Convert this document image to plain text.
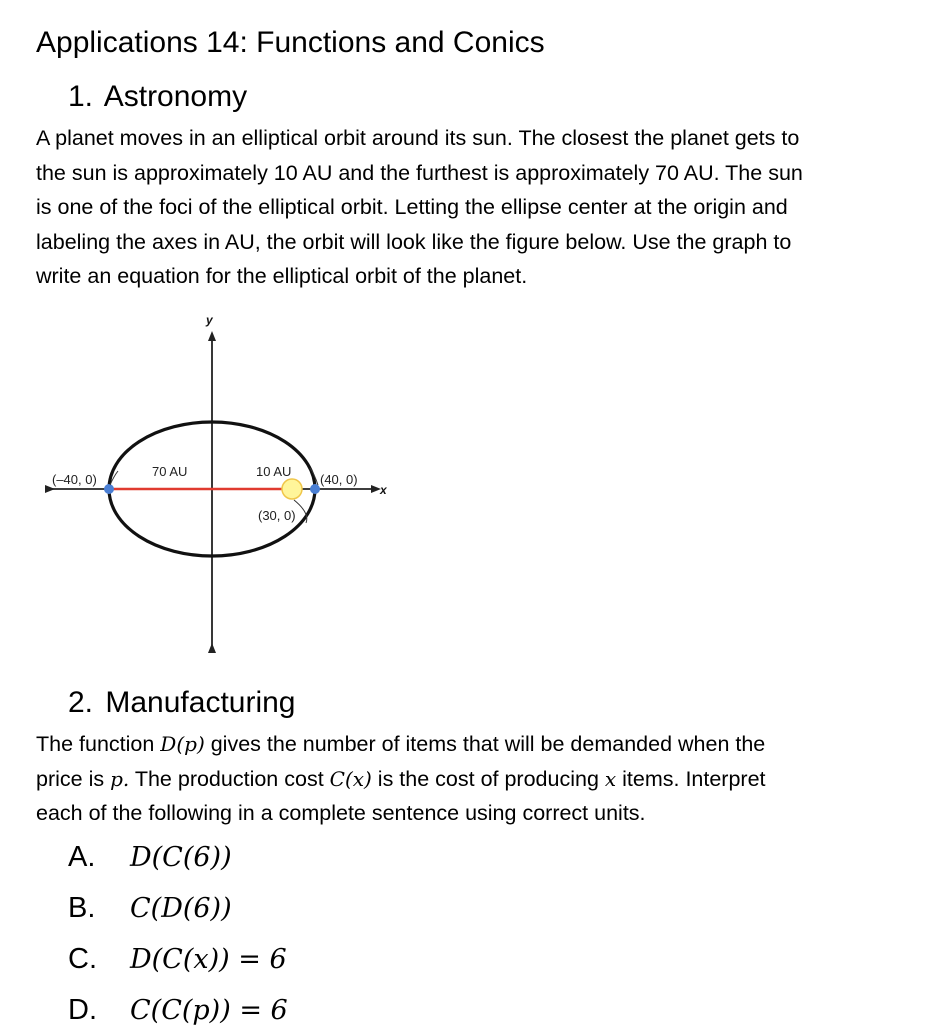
Applications 14: Functions and Conics
1. Astronomy

A planet moves in an elliptical orbit around its sun. The closest the planet gets to

the sun is approximately 10 AU and the furthest is approximately 70 AU. The sun

is one of the foci of the elliptical orbit. Letting the ellipse center at the origin and

labeling the axes in AU, the orbit will look like the figure below. Use the graph to

write an equation for the elliptical orbit of the planet.

y
x
(–40, 0)
70 AU	10 AU
(40, 0)
(30, 0)
2. Manufacturing

The function D(p) gives the number of items that will be demanded when the

price is p. The production cost C(x) is the cost of producing x items. Interpret

each of the following in a complete sentence using correct units.

A.	D(C(6))
B.	C(D(6))
C.	D(C(x)) = 6
D.	C(C(p)) = 6
